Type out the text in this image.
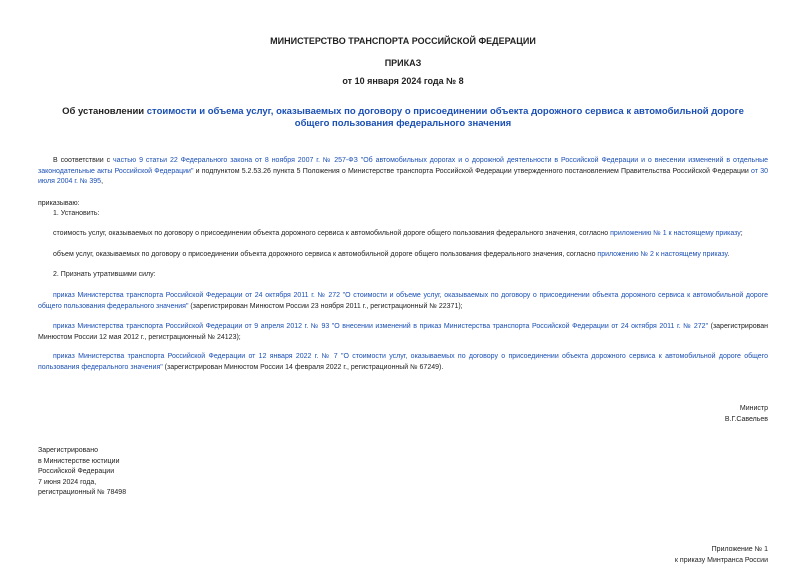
МИНИСТЕРСТВО ТРАНСПОРТА РОССИЙСКОЙ ФЕДЕРАЦИИ
ПРИКАЗ
от 10 января 2024 года № 8
Об установлении стоимости и объема услуг, оказываемых по договору о присоединении объекта дорожного сервиса к автомобильной дороге общего пользования федерального значения

В соответствии с частью 9 статьи 22 Федерального закона от 8 ноября 2007 г. № 257-ФЗ "Об автомобильных дорогах и о дорожной деятельности в Российской Федерации и о внесении изменений в отдельные законодательные акты Российской Федерации" и подпунктом 5.2.53.26 пункта 5 Положения о Министерстве транспорта Российской Федерации утвержденного постановлением Правительства Российской Федерации от 30 июля 2004 г. № 395,

приказываю:

1. Установить:

стоимость услуг, оказываемых по договору о присоединении объекта дорожного сервиса к автомобильной дороге общего пользования федерального значения, согласно приложению № 1 к настоящему приказу;

объем услуг, оказываемых по договору о присоединении объекта дорожного сервиса к автомобильной дороге общего пользования федерального значения, согласно приложению № 2 к настоящему приказу.

2. Признать утратившими силу:

приказ Министерства транспорта Российской Федерации от 24 октября 2011 г. № 272 "О стоимости и объеме услуг, оказываемых по договору о присоединении объекта дорожного сервиса к автомобильной дороге общего пользования федерального значения" (зарегистрирован Минюстом России 23 ноября 2011 г., регистрационный № 22371);

приказ Министерства транспорта Российской Федерации от 9 апреля 2012 г. № 93 "О внесении изменений в приказ Министерства транспорта Российской Федерации от 24 октября 2011 г. № 272" (зарегистрирован Минюстом России 12 мая 2012 г., регистрационный № 24123);

приказ Министерства транспорта Российской Федерации от 12 января 2022 г. № 7 "О стоимости услуг, оказываемых по договору о присоединении объекта дорожного сервиса к автомобильной дороге общего пользования федерального значения" (зарегистрирован Минюстом России 14 февраля 2022 г., регистрационный № 67249).

Министр
В.Г.Савельев
Зарегистрировано
в Министерстве юстиции
Российской Федерации
7 июня 2024 года,
регистрационный № 78498
Приложение № 1
к приказу Минтранса России
